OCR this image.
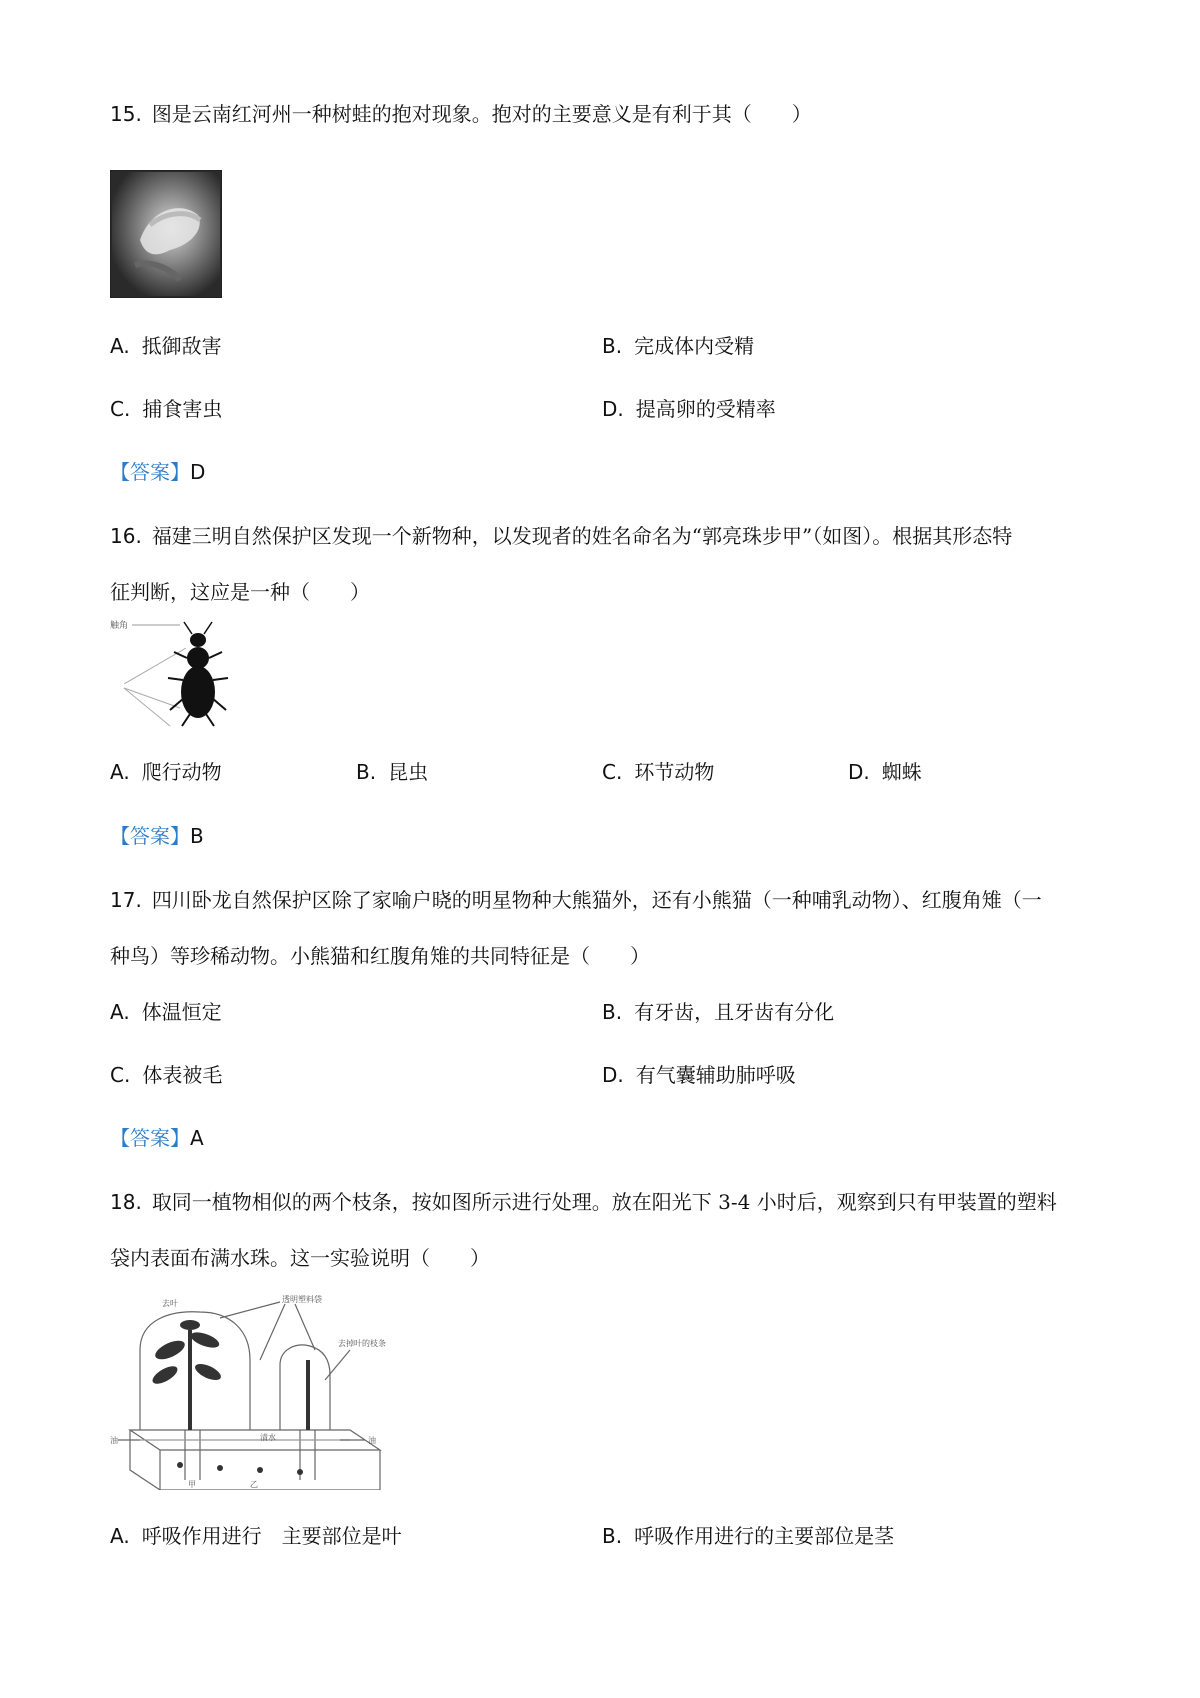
15. 图是云南红河州一种树蛙的抱对现象。抱对的主要意义是有利于其（　　）
A. 抵御敌害	B. 完成体内受精
C. 捕食害虫	D. 提高卵的受精率
【答案】D
16. 福建三明自然保护区发现一个新物种，以发现者的姓名命名为“郭亮珠步甲”（如图）。根据其形态特
征判断，这应是一种（　　）
触角
A. 爬行动物	B. 昆虫	C. 环节动物	D. 蜘蛛
【答案】B
17. 四川卧龙自然保护区除了家喻户晓的明星物种大熊猫外，还有小熊猫（一种哺乳动物）、红腹角雉（一
种鸟）等珍稀动物。小熊猫和红腹角雉的共同特征是（　　）
A. 体温恒定	B. 有牙齿，且牙齿有分化
C. 体表被毛	D. 有气囊辅助肺呼吸
【答案】A
18. 取同一植物相似的两个枝条，按如图所示进行处理。放在阳光下 3-4 小时后，观察到只有甲装置的塑料
袋内表面布满水珠。这一实验说明（　　）
去叶	透明塑料袋
去掉叶的枝条
清水
油	油
甲	乙
A. 呼吸作用进行　主要部位是叶	B. 呼吸作用进行的主要部位是茎
